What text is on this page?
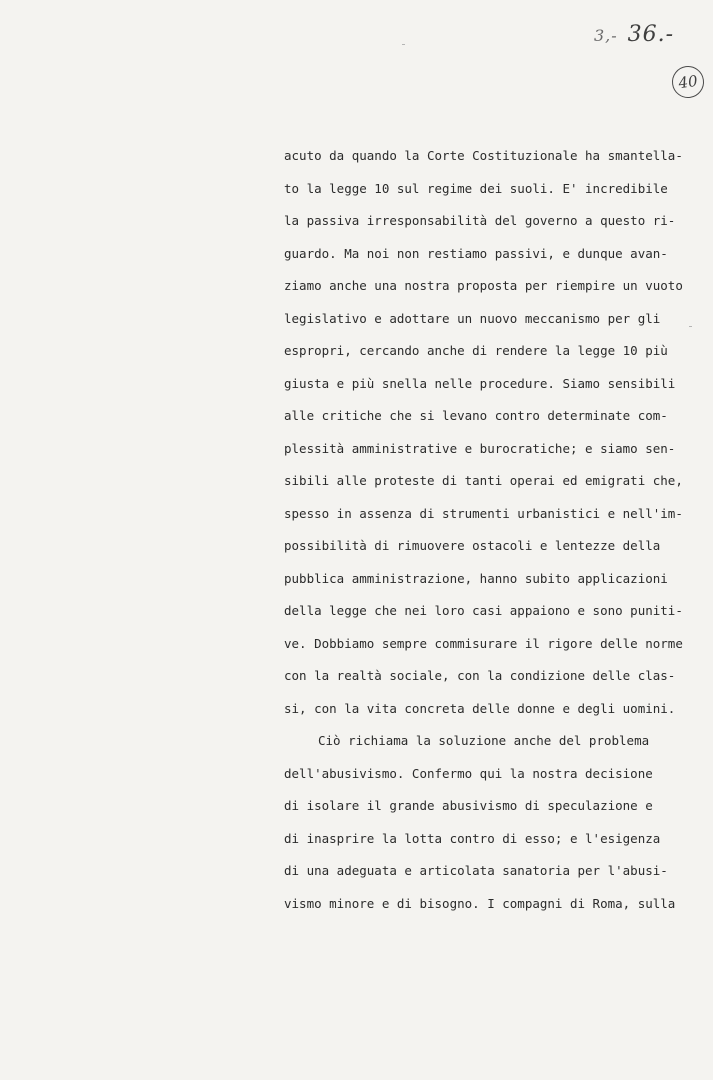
3,- 36.-
40
acuto da quando la Corte Costituzionale ha smantella-
to la legge 10 sul regime dei suoli. E' incredibile
la passiva irresponsabilità del governo a questo ri-
guardo. Ma noi non restiamo passivi, e dunque avan-
ziamo anche una nostra proposta per riempire un vuoto
legislativo e adottare un nuovo meccanismo per gli
espropri, cercando anche di rendere la legge 10 più
giusta e più snella nelle procedure. Siamo sensibili
alle critiche che si levano contro determinate com-
plessità amministrative e burocratiche; e siamo sen-
sibili alle proteste di tanti operai ed emigrati che,
spesso in assenza di strumenti urbanistici e nell'im-
possibilità di rimuovere ostacoli e lentezze della
pubblica amministrazione, hanno subito applicazioni
della legge che nei loro casi appaiono e sono puniti-
ve. Dobbiamo sempre commisurare il rigore delle norme
con la realtà sociale, con la condizione delle clas-
si, con la vita concreta delle donne e degli uomini.
Ciò richiama la soluzione anche del problema
dell'abusivismo. Confermo qui la nostra decisione
di isolare il grande abusivismo di speculazione e
di inasprire la lotta contro di esso; e l'esigenza
di una adeguata e articolata sanatoria per l'abusi-
vismo minore e di bisogno. I compagni di Roma, sulla
